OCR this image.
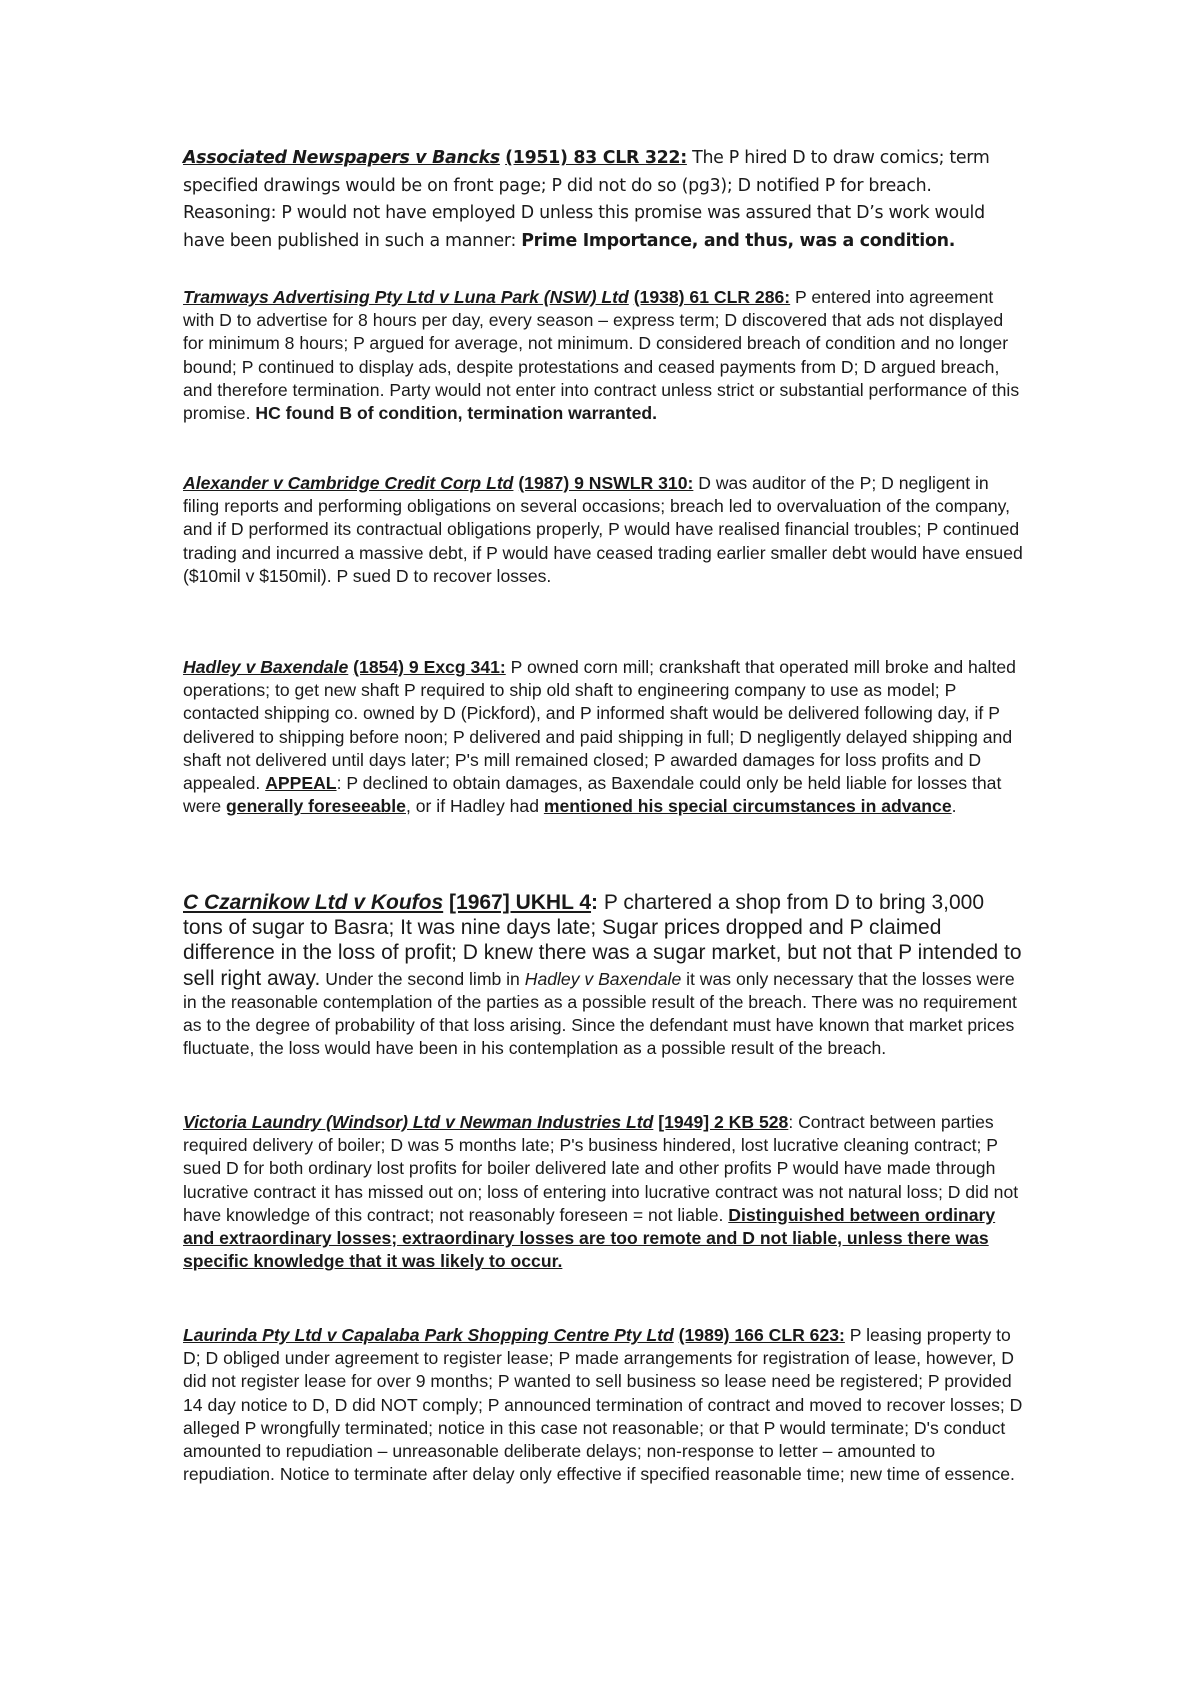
Associated Newspapers v Bancks (1951) 83 CLR 322: The P hired D to draw comics; term specified drawings would be on front page; P did not do so (pg3); D notified P for breach. Reasoning: P would not have employed D unless this promise was assured that D’s work would have been published in such a manner: Prime Importance, and thus, was a condition.

Tramways Advertising Pty Ltd v Luna Park (NSW) Ltd (1938) 61 CLR 286: P entered into agreement with D to advertise for 8 hours per day, every season – express term; D discovered that ads not displayed for minimum 8 hours; P argued for average, not minimum. D considered breach of condition and no longer bound; P continued to display ads, despite protestations and ceased payments from D; D argued breach, and therefore termination. Party would not enter into contract unless strict or substantial performance of this promise. HC found B of condition, termination warranted.

Alexander v Cambridge Credit Corp Ltd (1987) 9 NSWLR 310: D was auditor of the P; D negligent in filing reports and performing obligations on several occasions; breach led to overvaluation of the company, and if D performed its contractual obligations properly, P would have realised financial troubles; P continued trading and incurred a massive debt, if P would have ceased trading earlier smaller debt would have ensued ($10mil v $150mil). P sued D to recover losses.

Hadley v Baxendale (1854) 9 Excg 341: P owned corn mill; crankshaft that operated mill broke and halted operations; to get new shaft P required to ship old shaft to engineering company to use as model; P contacted shipping co. owned by D (Pickford), and P informed shaft would be delivered following day, if P delivered to shipping before noon; P delivered and paid shipping in full; D negligently delayed shipping and shaft not delivered until days later; P's mill remained closed; P awarded damages for loss profits and D appealed. APPEAL: P declined to obtain damages, as Baxendale could only be held liable for losses that were generally foreseeable, or if Hadley had mentioned his special circumstances in advance.

C Czarnikow Ltd v Koufos [1967] UKHL 4: P chartered a shop from D to bring 3,000 tons of sugar to Basra; It was nine days late; Sugar prices dropped and P claimed difference in the loss of profit; D knew there was a sugar market, but not that P intended to sell right away. Under the second limb in Hadley v Baxendale it was only necessary that the losses were in the reasonable contemplation of the parties as a possible result of the breach. There was no requirement as to the degree of probability of that loss arising. Since the defendant must have known that market prices fluctuate, the loss would have been in his contemplation as a possible result of the breach.

Victoria Laundry (Windsor) Ltd v Newman Industries Ltd [1949] 2 KB 528: Contract between parties required delivery of boiler; D was 5 months late; P's business hindered, lost lucrative cleaning contract; P sued D for both ordinary lost profits for boiler delivered late and other profits P would have made through lucrative contract it has missed out on; loss of entering into lucrative contract was not natural loss; D did not have knowledge of this contract; not reasonably foreseen = not liable. Distinguished between ordinary and extraordinary losses; extraordinary losses are too remote and D not liable, unless there was specific knowledge that it was likely to occur.

Laurinda Pty Ltd v Capalaba Park Shopping Centre Pty Ltd (1989) 166 CLR 623: P leasing property to D; D obliged under agreement to register lease; P made arrangements for registration of lease, however, D did not register lease for over 9 months; P wanted to sell business so lease need be registered; P provided 14 day notice to D, D did NOT comply; P announced termination of contract and moved to recover losses; D alleged P wrongfully terminated; notice in this case not reasonable; or that P would terminate; D's conduct amounted to repudiation – unreasonable deliberate delays; non-response to letter – amounted to repudiation. Notice to terminate after delay only effective if specified reasonable time; new time of essence.
